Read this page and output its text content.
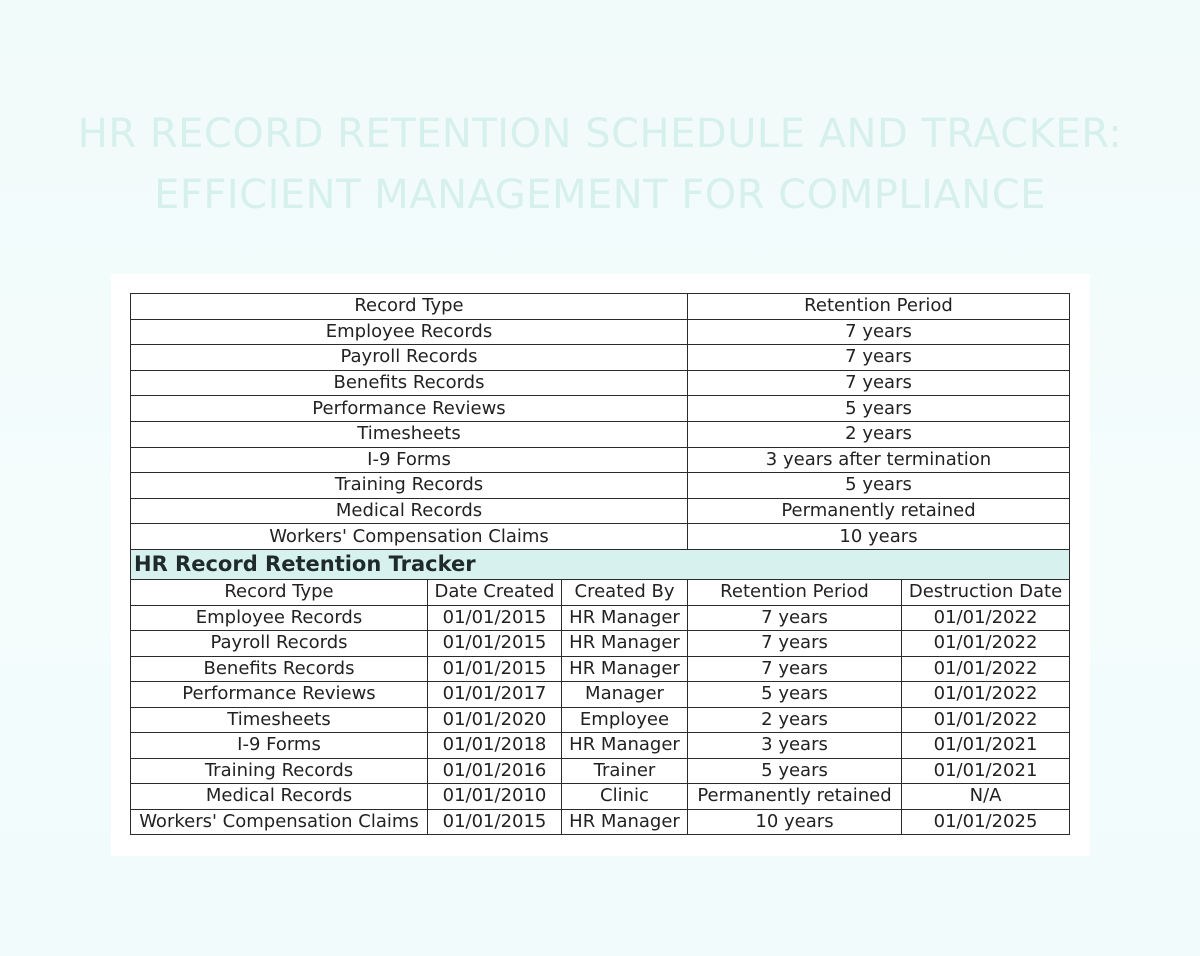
HR RECORD RETENTION SCHEDULE AND TRACKER:
EFFICIENT MANAGEMENT FOR COMPLIANCE
Record Type	Retention Period
Employee Records	7 years
Payroll Records	7 years
Benefits Records	7 years
Performance Reviews	5 years
Timesheets	2 years
I-9 Forms	3 years after termination
Training Records	5 years
Medical Records	Permanently retained
Workers' Compensation Claims	10 years
HR Record Retention Tracker				
Record Type	Date Created	Created By	Retention Period	Destruction Date
Employee Records	01/01/2015	HR Manager	7 years	01/01/2022
Payroll Records	01/01/2015	HR Manager	7 years	01/01/2022
Benefits Records	01/01/2015	HR Manager	7 years	01/01/2022
Performance Reviews	01/01/2017	Manager	5 years	01/01/2022
Timesheets	01/01/2020	Employee	2 years	01/01/2022
I-9 Forms	01/01/2018	HR Manager	3 years	01/01/2021
Training Records	01/01/2016	Trainer	5 years	01/01/2021
Medical Records	01/01/2010	Clinic	Permanently retained	N/A
Workers' Compensation Claims	01/01/2015	HR Manager	10 years	01/01/2025
